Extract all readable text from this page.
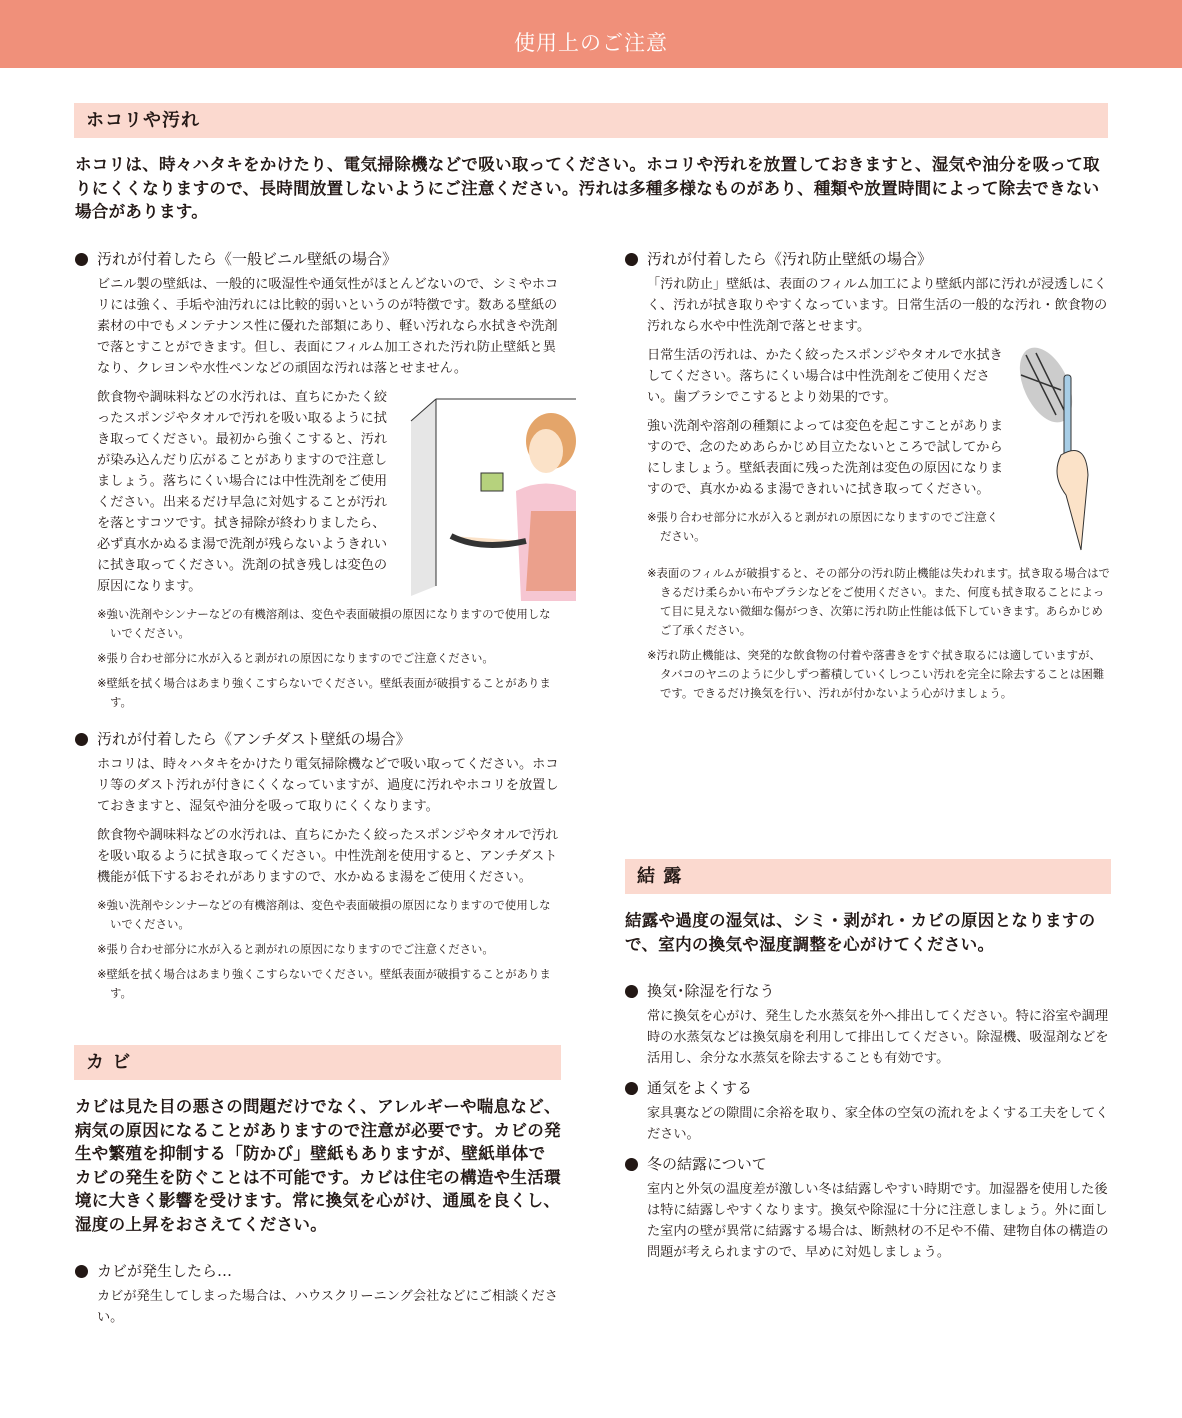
使用上のご注意
ホコリや汚れ
ホコリは、時々ハタキをかけたり、電気掃除機などで吸い取ってください。ホコリや汚れを放置しておきますと、湿気や油分を吸って取りにくくなりますので、長時間放置しないようにご注意ください。汚れは多種多様なものがあり、種類や放置時間によって除去できない場合があります。
汚れが付着したら《一般ビニル壁紙の場合》
ビニル製の壁紙は、一般的に吸湿性や通気性がほとんどないので、シミやホコリには強く、手垢や油汚れには比較的弱いというのが特徴です。数ある壁紙の素材の中でもメンテナンス性に優れた部類にあり、軽い汚れなら水拭きや洗剤で落とすことができます。但し、表面にフィルム加工された汚れ防止壁紙と異なり、クレヨンや水性ペンなどの頑固な汚れは落とせません。
飲食物や調味料などの水汚れは、直ちにかたく絞ったスポンジやタオルで汚れを吸い取るように拭き取ってください。最初から強くこすると、汚れが染み込んだり広がることがありますので注意しましょう。落ちにくい場合には中性洗剤をご使用ください。出来るだけ早急に対処することが汚れを落とすコツです。拭き掃除が終わりましたら、必ず真水かぬるま湯で洗剤が残らないようきれいに拭き取ってください。洗剤の拭き残しは変色の原因になります。
※強い洗剤やシンナーなどの有機溶剤は、変色や表面破損の原因になりますので使用しないでください。
※張り合わせ部分に水が入ると剥がれの原因になりますのでご注意ください。
※壁紙を拭く場合はあまり強くこすらないでください。壁紙表面が破損することがあります。
汚れが付着したら《アンチダスト壁紙の場合》
ホコリは、時々ハタキをかけたり電気掃除機などで吸い取ってください。ホコリ等のダスト汚れが付きにくくなっていますが、過度に汚れやホコリを放置しておきますと、湿気や油分を吸って取りにくくなります。
飲食物や調味料などの水汚れは、直ちにかたく絞ったスポンジやタオルで汚れを吸い取るように拭き取ってください。中性洗剤を使用すると、アンチダスト機能が低下するおそれがありますので、水かぬるま湯をご使用ください。
※強い洗剤やシンナーなどの有機溶剤は、変色や表面破損の原因になりますので使用しないでください。
※張り合わせ部分に水が入ると剥がれの原因になりますのでご注意ください。
※壁紙を拭く場合はあまり強くこすらないでください。壁紙表面が破損することがあります。
カ ビ
カビは見た目の悪さの問題だけでなく、アレルギーや喘息など、病気の原因になることがありますので注意が必要です。カビの発生や繁殖を抑制する「防かび」壁紙もありますが、壁紙単体でカビの発生を防ぐことは不可能です。カビは住宅の構造や生活環境に大きく影響を受けます。常に換気を心がけ、通風を良くし、湿度の上昇をおさえてください。
カビが発生したら…
カビが発生してしまった場合は、ハウスクリーニング会社などにご相談ください。
汚れが付着したら《汚れ防止壁紙の場合》
「汚れ防止」壁紙は、表面のフィルム加工により壁紙内部に汚れが浸透しにくく、汚れが拭き取りやすくなっています。日常生活の一般的な汚れ・飲食物の汚れなら水や中性洗剤で落とせます。
日常生活の汚れは、かたく絞ったスポンジやタオルで水拭きしてください。落ちにくい場合は中性洗剤をご使用ください。歯ブラシでこするとより効果的です。
強い洗剤や溶剤の種類によっては変色を起こすことがありますので、念のためあらかじめ目立たないところで試してからにしましょう。壁紙表面に残った洗剤は変色の原因になりますので、真水かぬるま湯できれいに拭き取ってください。
※張り合わせ部分に水が入ると剥がれの原因になりますのでご注意ください。
※表面のフィルムが破損すると、その部分の汚れ防止機能は失われます。拭き取る場合はできるだけ柔らかい布やブラシなどをご使用ください。また、何度も拭き取ることによって目に見えない微細な傷がつき、次第に汚れ防止性能は低下していきます。あらかじめご了承ください。
※汚れ防止機能は、突発的な飲食物の付着や落書きをすぐ拭き取るには適していますが、タバコのヤニのように少しずつ蓄積していくしつこい汚れを完全に除去することは困難です。できるだけ換気を行い、汚れが付かないよう心がけましょう。
結 露
結露や過度の湿気は、シミ・剥がれ・カビの原因となりますので、室内の換気や湿度調整を心がけてください。
換気･除湿を行なう
常に換気を心がけ、発生した水蒸気を外へ排出してください。特に浴室や調理時の水蒸気などは換気扇を利用して排出してください。除湿機、吸湿剤などを活用し、余分な水蒸気を除去することも有効です。
通気をよくする
家具裏などの隙間に余裕を取り、家全体の空気の流れをよくする工夫をしてください。
冬の結露について
室内と外気の温度差が激しい冬は結露しやすい時期です。加湿器を使用した後は特に結露しやすくなります。換気や除湿に十分に注意しましょう。外に面した室内の壁が異常に結露する場合は、断熱材の不足や不備、建物自体の構造の問題が考えられますので、早めに対処しましょう。
